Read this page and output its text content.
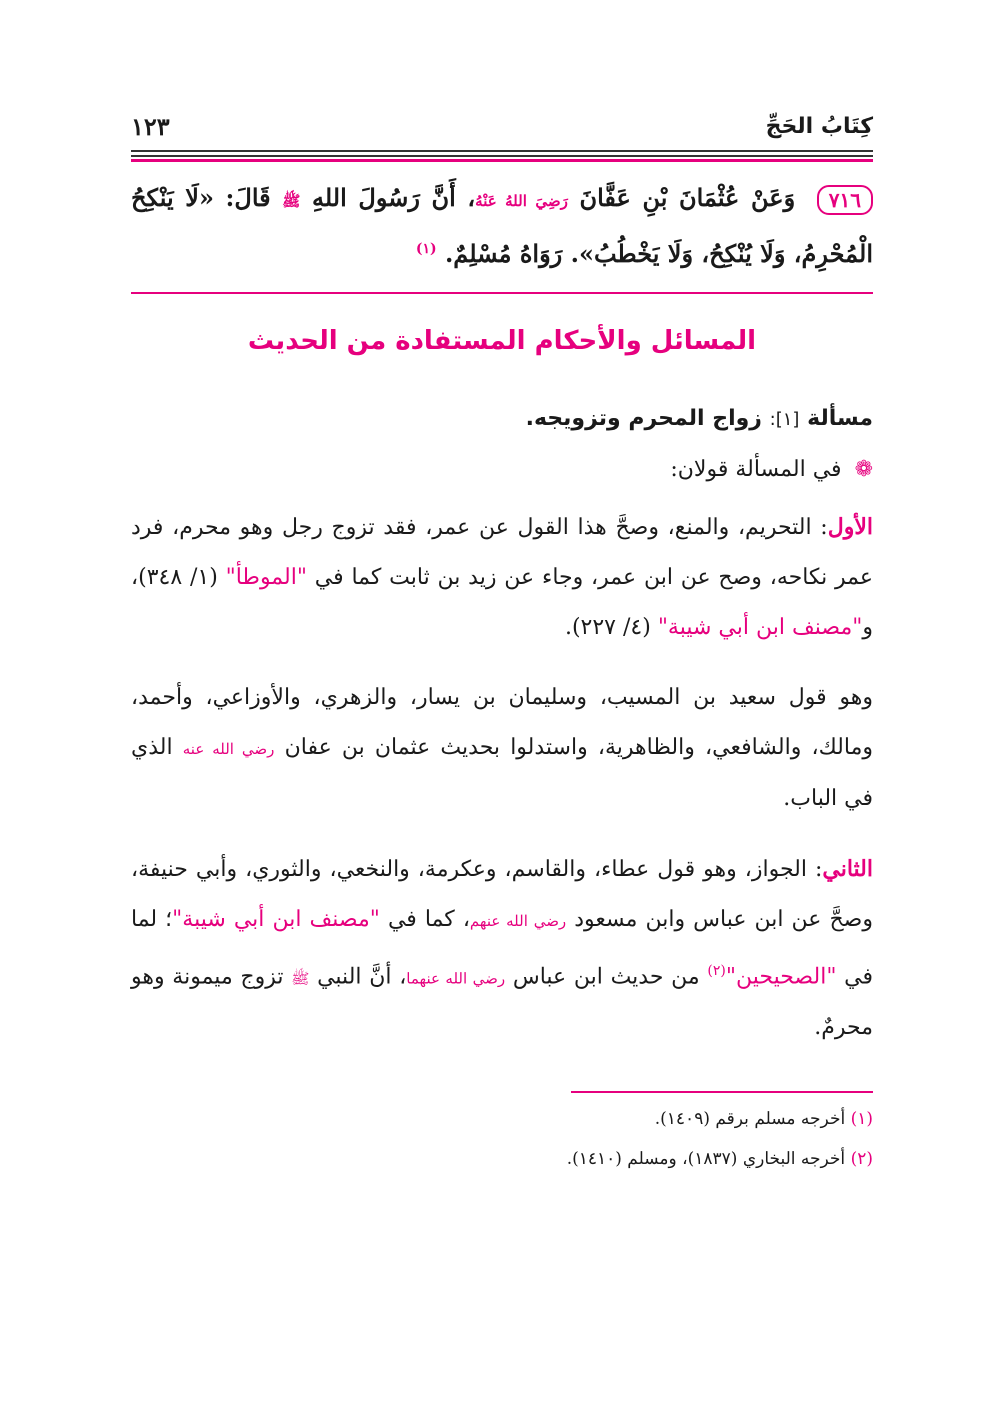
كِتَابُ الحَجِّ
١٢٣
٧١٦ وَعَنْ عُثْمَانَ بْنِ عَفَّانَ رَضِيَ اللهُ عَنْهُ، أَنَّ رَسُولَ اللهِ ﷺ قَالَ: «لَا يَنْكِحُ الْمُحْرِمُ، وَلَا يُنْكِحُ، وَلَا يَخْطُبُ». رَوَاهُ مُسْلِمٌ. $^{(١)}$
المسائل والأحكام المستفادة من الحديث
مسألة [١]: زواج المحرم وتزويجه.
❁ في المسألة قولان:
الأول: التحريم، والمنع، وصحَّ هذا القول عن عمر، فقد تزوج رجل وهو محرم، فرد عمر نكاحه، وصح عن ابن عمر، وجاء عن زيد بن ثابت كما في "الموطأ" (١/ ٣٤٨)، و"مصنف ابن أبي شيبة" (٤/ ٢٢٧).
وهو قول سعيد بن المسيب، وسليمان بن يسار، والزهري، والأوزاعي، وأحمد، ومالك، والشافعي، والظاهرية، واستدلوا بحديث عثمان بن عفان رضي الله عنه الذي في الباب.
الثاني: الجواز، وهو قول عطاء، والقاسم، وعكرمة، والنخعي، والثوري، وأبي حنيفة، وصحَّ عن ابن عباس وابن مسعود رضي الله عنهم، كما في "مصنف ابن أبي شيبة"؛ لما في "الصحيحين"$^{(٢)}$ من حديث ابن عباس رضي الله عنهما، أنَّ النبي ﷺ تزوج ميمونة وهو محرمٌ.
(١) أخرجه مسلم برقم (١٤٠٩).
(٢) أخرجه البخاري (١٨٣٧)، ومسلم (١٤١٠).
